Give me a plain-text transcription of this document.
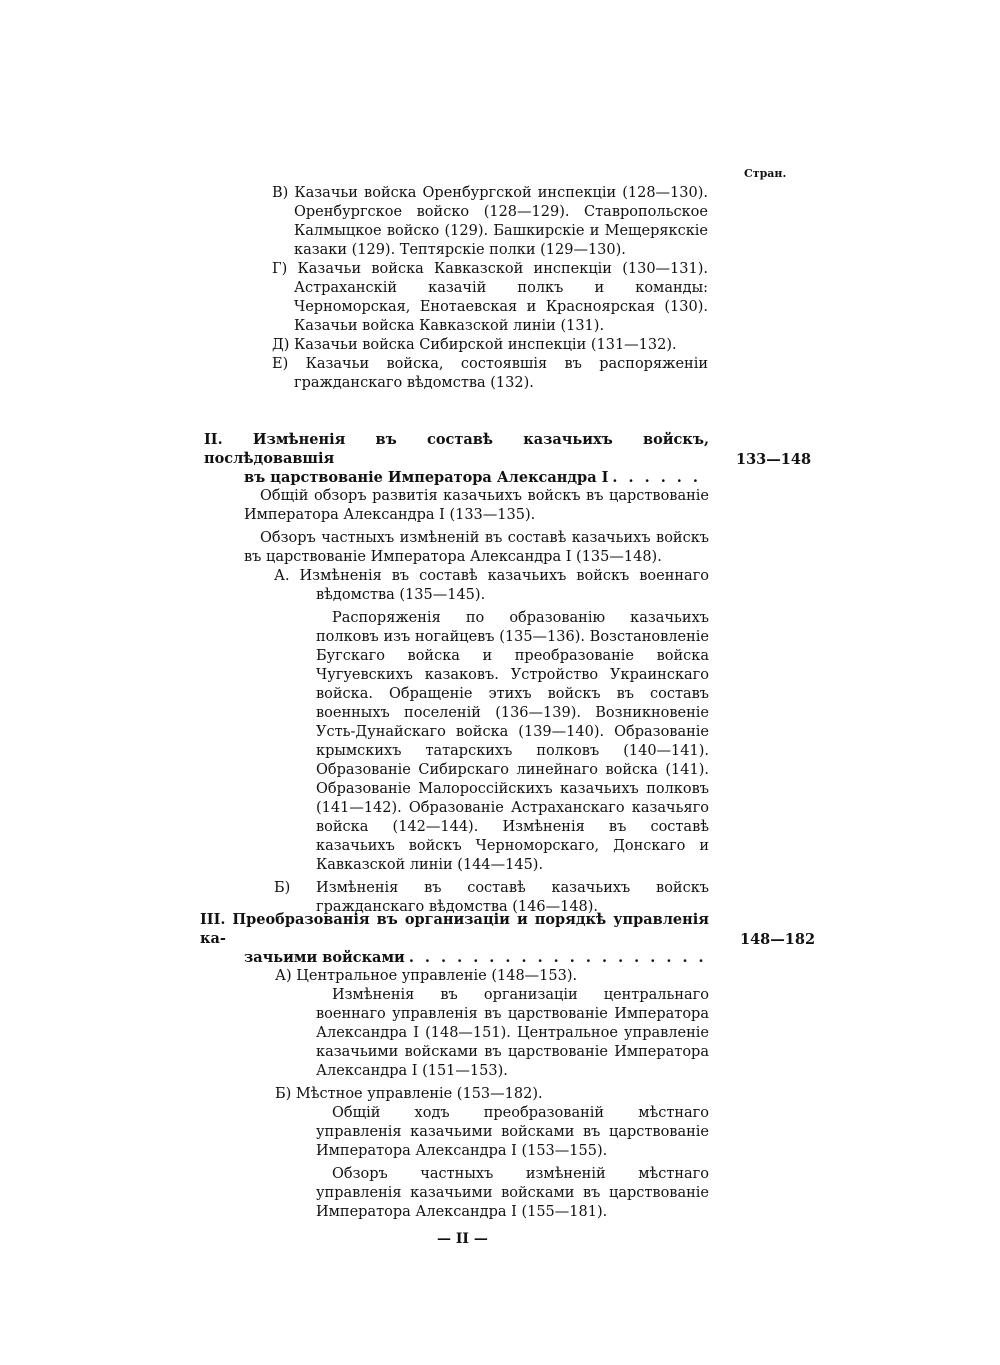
Стран.

В) Казачьи войска Оренбургской инспекціи (128—130). Оренбургское войско (128—129). Ставропольское Калмыцкое войско (129). Башкирскіе и Мещерякскіе казаки (129). Тептярскіе полки (129—130).

Г) Казачьи войска Кавказской инспекціи (130—131). Астраханскій казачій полкъ и команды: Черноморская, Енотаевская и Красноярская (130). Казачьи войска Кавказской линіи (131).

Д) Казачьи войска Сибирской инспекціи (131—132).

Е) Казачьи войска, состоявшія въ распоряженіи гражданскаго вѣдомства (132).

II. Измѣненія въ составѣ казачьихъ войскъ, послѣдовавшія

въ царствованіе Императора Александра I
. . .

Общій обзоръ развитія казачьихъ войскъ въ царствованіе Императора Александра I (133—135).

Обзоръ частныхъ измѣненій въ составѣ казачьихъ войскъ въ царствованіе Императора Александра I (135—148).

А. Измѣненія въ составѣ казачьихъ войскъ военнаго вѣдомства (135—145).

Распоряженія по образованію казачьихъ полковъ изъ ногайцевъ (135—136). Возстановленіе Бугскаго войска и преобразованіе войска Чугуевскихъ казаковъ. Устройство Украинскаго войска. Обращеніе этихъ войскъ въ составъ военныхъ поселеній (136—139). Возникновеніе Усть-Дунайскаго войска (139—140). Образованіе крымскихъ татарскихъ полковъ (140—141). Образованіе Сибирскаго линейнаго войска (141). Образованіе Малороссійскихъ казачьихъ полковъ (141—142). Образованіе Астраханскаго казачьяго войска (142—144). Измѣненія въ составѣ казачьихъ войскъ Черноморскаго, Донскаго и Кавказской линіи (144—145).

Б) Измѣненія въ составѣ казачьихъ войскъ гражданскаго вѣдомства (146—148).

133—148

III. Преобразованія въ организаціи и порядкѣ управленія ка-

зачьими войсками
. . .

А) Центральное управленіе (148—153).

Измѣненія въ организаціи центральнаго военнаго управленія въ царствованіе Императора Александра I (148—151). Центральное управленіе казачьими войсками въ царствованіе Императора Александра I (151—153).

Б) Мѣстное управленіе (153—182).

Общій ходъ преобразованій мѣстнаго управленія казачьими войсками въ царствованіе Императора Александра I (153—155).

Обзоръ частныхъ измѣненій мѣстнаго управленія казачьими войсками въ царствованіе Императора Александра I (155—181).

148—182
— II —
